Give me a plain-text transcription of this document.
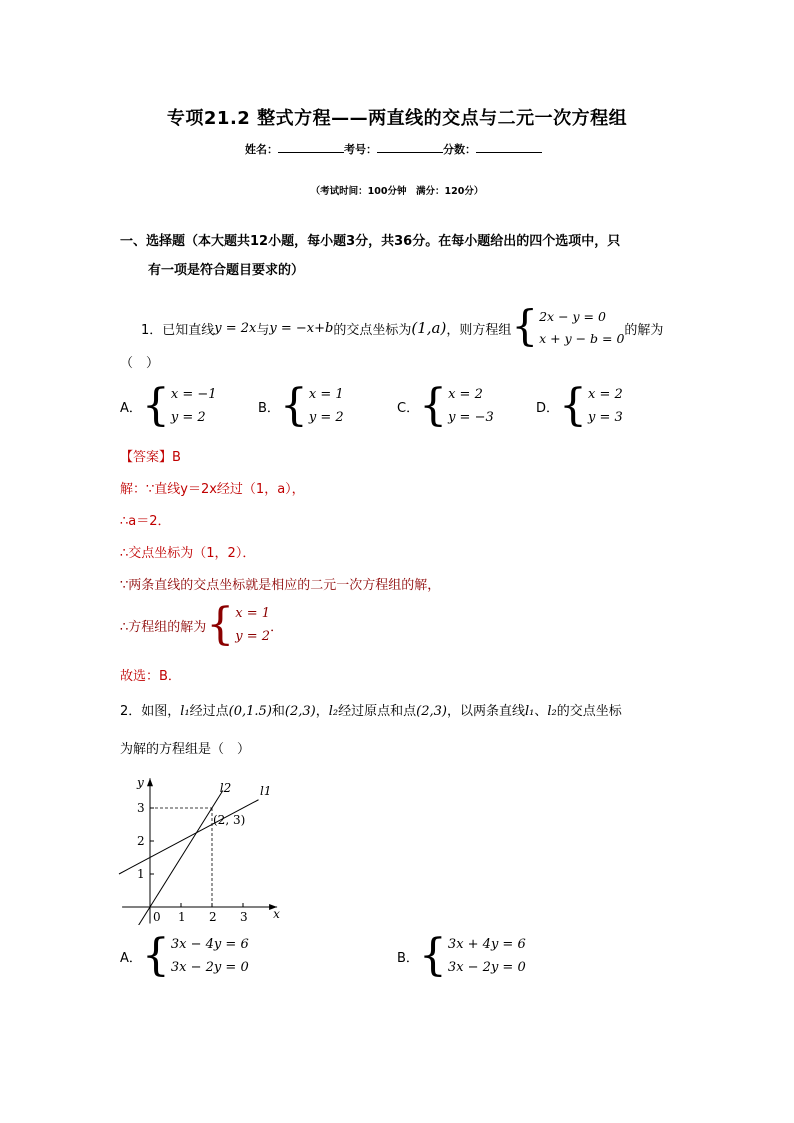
专项21.2 整式方程——两直线的交点与二元一次方程组
姓名：	考号：	分数：
（考试时间：100分钟　满分：120分）
一、选择题（本大题共12小题，每小题3分，共36分。在每小题给出的四个选项中，只
有一项是符合题目要求的）
1．已知直线 y = 2x 与 y = −x+b 的交点坐标为 (1,a) ，则方程组 { 2x − y = 0
x + y − b = 0
的解为
（　）
A． { x = −1
y = 2
B． { x = 1
y = 2
C． { x = 2
y = −3
D． { x = 2
y = 3
【答案】B
解：∵直线y＝2x经过（1，a），
∴a＝2．
∴交点坐标为（1，2）．
∵两条直线的交点坐标就是相应的二元一次方程组的解，
∴方程组的解为 { x = 1
y = 2
．
故选：B．
2．如图， l₁ 经过点 (0,1.5) 和 (2,3) ， l₂ 经过原点和点 (2,3) ，以两条直线 l₁ 、 l₂ 的交点坐标
为解的方程组是（　）
0 1 2 3
1
2
3
x
y	l2 l1
(2, 3)
A． { 3x − 4y = 6
3x − 2y = 0
B． { 3x + 4y = 6
3x − 2y = 0
